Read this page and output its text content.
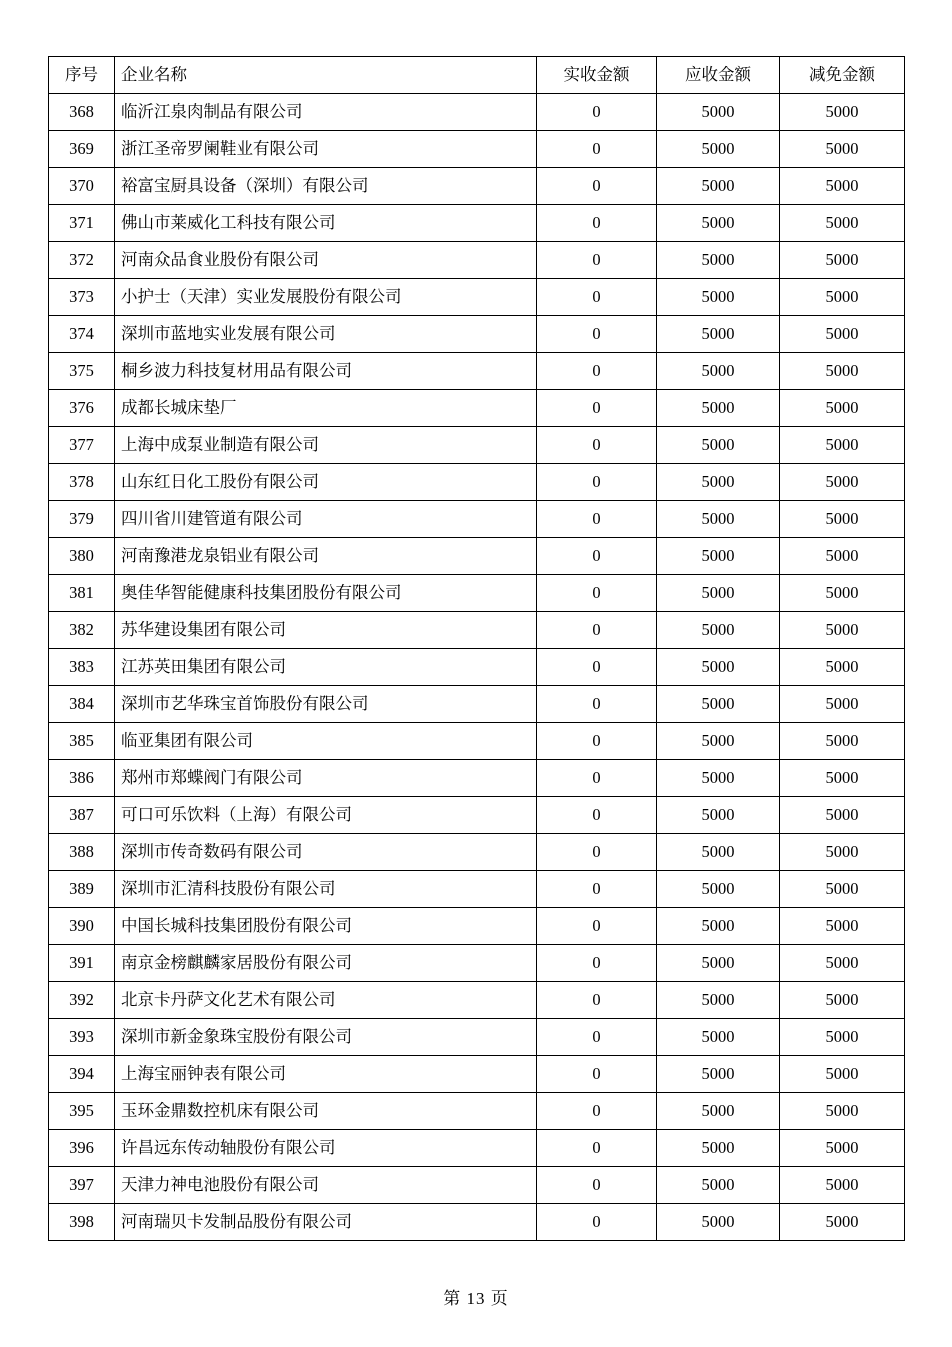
序号	企业名称	实收金额	应收金额	减免金额
368	临沂江泉肉制品有限公司	0	5000	5000
369	浙江圣帝罗阑鞋业有限公司	0	5000	5000
370	裕富宝厨具设备（深圳）有限公司	0	5000	5000
371	佛山市莱威化工科技有限公司	0	5000	5000
372	河南众品食业股份有限公司	0	5000	5000
373	小护士（天津）实业发展股份有限公司	0	5000	5000
374	深圳市蓝地实业发展有限公司	0	5000	5000
375	桐乡波力科技复材用品有限公司	0	5000	5000
376	成都长城床垫厂	0	5000	5000
377	上海中成泵业制造有限公司	0	5000	5000
378	山东红日化工股份有限公司	0	5000	5000
379	四川省川建管道有限公司	0	5000	5000
380	河南豫港龙泉铝业有限公司	0	5000	5000
381	奥佳华智能健康科技集团股份有限公司	0	5000	5000
382	苏华建设集团有限公司	0	5000	5000
383	江苏英田集团有限公司	0	5000	5000
384	深圳市艺华珠宝首饰股份有限公司	0	5000	5000
385	临亚集团有限公司	0	5000	5000
386	郑州市郑蝶阀门有限公司	0	5000	5000
387	可口可乐饮料（上海）有限公司	0	5000	5000
388	深圳市传奇数码有限公司	0	5000	5000
389	深圳市汇清科技股份有限公司	0	5000	5000
390	中国长城科技集团股份有限公司	0	5000	5000
391	南京金榜麒麟家居股份有限公司	0	5000	5000
392	北京卡丹萨文化艺术有限公司	0	5000	5000
393	深圳市新金象珠宝股份有限公司	0	5000	5000
394	上海宝丽钟表有限公司	0	5000	5000
395	玉环金鼎数控机床有限公司	0	5000	5000
396	许昌远东传动轴股份有限公司	0	5000	5000
397	天津力神电池股份有限公司	0	5000	5000
398	河南瑞贝卡发制品股份有限公司	0	5000	5000
第 13 页
